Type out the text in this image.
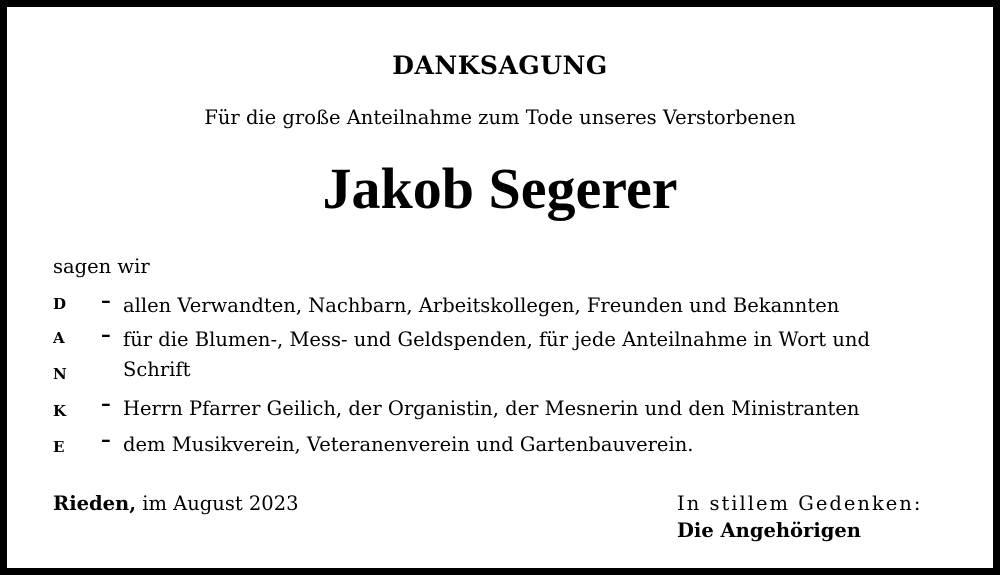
DANKSAGUNG
Für die große Anteilnahme zum Tode unseres Verstorbenen
Jakob Segerer
sagen wir
D – allen Verwandten, Nachbarn, Arbeitskollegen, Freunden und Bekannten
A – für die Blumen-, Mess- und Geldspenden, für jede Anteilnahme in Wort und
N	Schrift
K – Herrn Pfarrer Geilich, der Organistin, der Mesnerin und den Ministranten
E – dem Musikverein, Veteranenverein und Gartenbauverein.
Rieden, im August 2023	In stillem Gedenken:
Die Angehörigen
